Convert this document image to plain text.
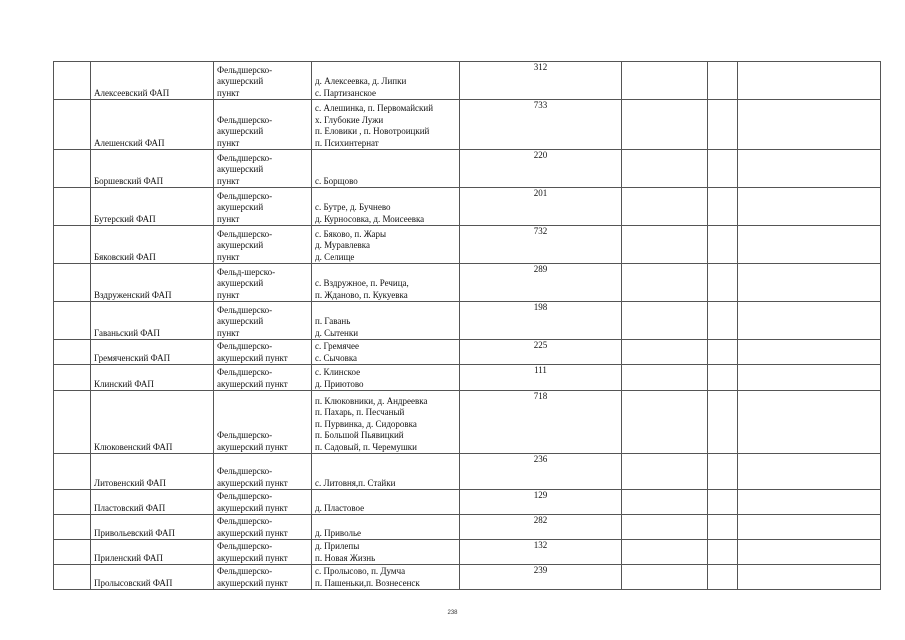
	Алексеевский ФАП	Фельдшерско-
акушерский
пункт	д. Алексеевка, д. Липки
с. Партизанское	312			
	Алешенский ФАП	Фельдшерско-
акушерский
пункт	с. Алешинка, п. Первомайский
х. Глубокие Лужи
п. Еловики , п. Новотроицкий
п. Психинтернат	733			
	Боршевский ФАП	Фельдшерско-
акушерский
пункт	с. Борщово	220			
	Бутерский ФАП	Фельдшерско-
акушерский
пункт	с. Бутре, д. Бучнево
д. Курносовка, д. Моисеевка	201			
	Бяковский ФАП	Фельдшерско-
акушерский
пункт	с. Бяково, п. Жары
д. Муравлевка
д. Селище	732			
	Вздруженский ФАП	Фельд-шерско-
акушерский
пункт	с. Вздружное, п. Речица,
п. Жданово, п. Кукуевка	289			
	Гаваньский ФАП	Фельдшерско-
акушерский
пункт	п. Гавань
д. Сытенки	198			
	Гремяченский ФАП	Фельдшерско-
акушерский пункт	с. Гремячее
с. Сычовка	225			
	Клинский ФАП	Фельдшерско-
акушерский пункт	с. Клинское
д. Приютово	111			
	Клюковенский ФАП	Фельдшерско-
акушерский пункт	п. Клюковники, д. Андреевка
п. Пахарь, п. Песчаный
п. Пурвинка, д. Сидоровка
п. Большой Пьявицкий
п. Садовый, п. Черемушки	718			
	Литовенский ФАП	Фельдшерско-
акушерский пункт	с. Литовня,п. Стайки	236			
	Пластовский ФАП	Фельдшерско-
акушерский пункт	д. Пластовое	129			
	Привольевский ФАП	Фельдшерско-
акушерский пункт	д. Приволье	282			
	Приленский ФАП	Фельдшерско-
акушерский пункт	д. Прилепы
п. Новая Жизнь	132			
	Пролысовский ФАП	Фельдшерско-
акушерский пункт	с. Пролысово, п. Думча
п. Пашеньки,п. Вознесенск	239			
238
